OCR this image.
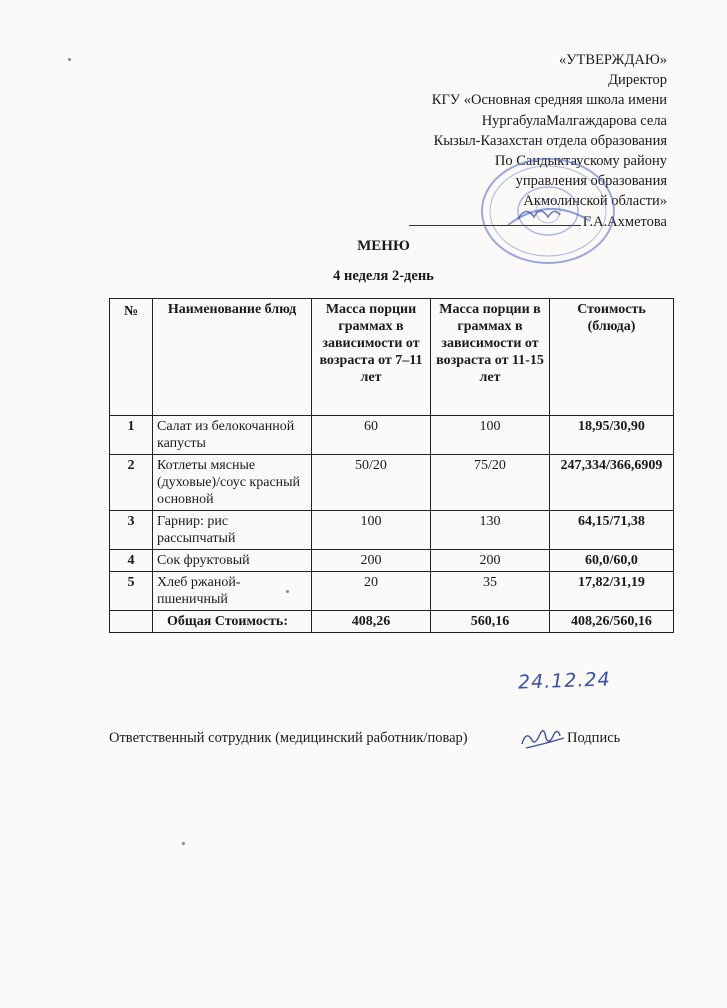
«УТВЕРЖДАЮ»
Директор
КГУ «Основная средняя школа имени
НургабулаМалгаждарова села
Кызыл-Казахстан отдела образования
По Сандыктаускому району
управления образования
Акмолинской области»
Г.А.Ахметова
МЕНЮ
4 неделя 2-день
№	Наименование блюд	Масса порции граммах в зависимости от возраста от 7–11 лет	Масса порции в граммах в зависимости от возраста от 11-15 лет	Стоимость (блюда)
1	Салат из белокочанной капусты	60	100	18,95/30,90
2	Котлеты мясные (духовые)/соус красный основной	50/20	75/20	247,334/366,6909
3	Гарнир: рис рассыпчатый	100	130	64,15/71,38
4	Сок фруктовый	200	200	60,0/60,0
5	Хлеб ржаной-пшеничный	20	35	17,82/31,19
	Общая Стоимость:	408,26	560,16	408,26/560,16
24.12.24
Ответственный сотрудник (медицинский работник/повар)	Подпись
